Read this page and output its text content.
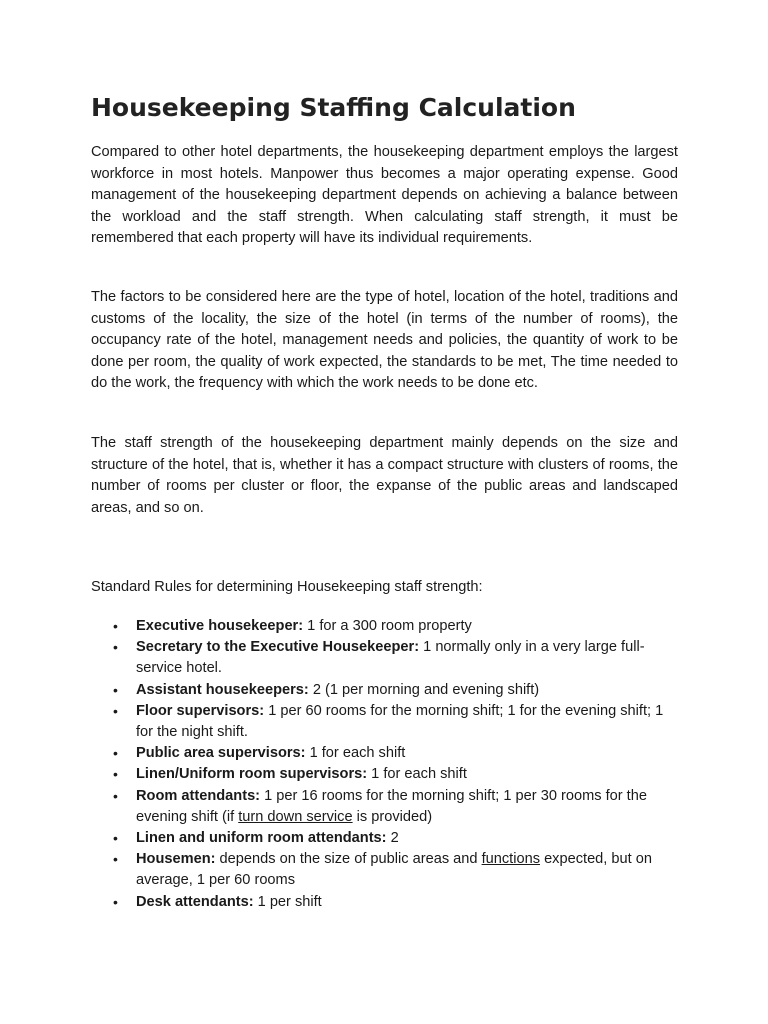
Housekeeping Staffing Calculation

Compared to other hotel departments, the housekeeping department employs the largest workforce in most hotels. Manpower thus becomes a major operating expense. Good management of the housekeeping department depends on achieving a balance between the workload and the staff strength. When calculating staff strength, it must be remembered that each property will have its individual requirements.

The factors to be considered here are the type of hotel, location of the hotel, traditions and customs of the locality, the size of the hotel (in terms of the number of rooms), the occupancy rate of the hotel, management needs and policies, the quantity of work to be done per room, the quality of work expected, the standards to be met, The time needed to do the work, the frequency with which the work needs to be done etc.

The staff strength of the housekeeping department mainly depends on the size and structure of the hotel, that is, whether it has a compact structure with clusters of rooms, the number of rooms per cluster or floor, the expanse of the public areas and landscaped areas, and so on.

Standard Rules for determining Housekeeping staff strength:

• Executive housekeeper: 1 for a 300 room property
• Secretary to the Executive Housekeeper: 1 normally only in a very large full-service hotel.
• Assistant housekeepers: 2 (1 per morning and evening shift)
• Floor supervisors: 1 per 60 rooms for the morning shift; 1 for the evening shift; 1 for the night shift.
• Public area supervisors: 1 for each shift
• Linen/Uniform room supervisors: 1 for each shift
• Room attendants: 1 per 16 rooms for the morning shift; 1 per 30 rooms for the evening shift (if turn down service is provided)
• Linen and uniform room attendants: 2
• Housemen: depends on the size of public areas and functions expected, but on average, 1 per 60 rooms
• Desk attendants: 1 per shift
